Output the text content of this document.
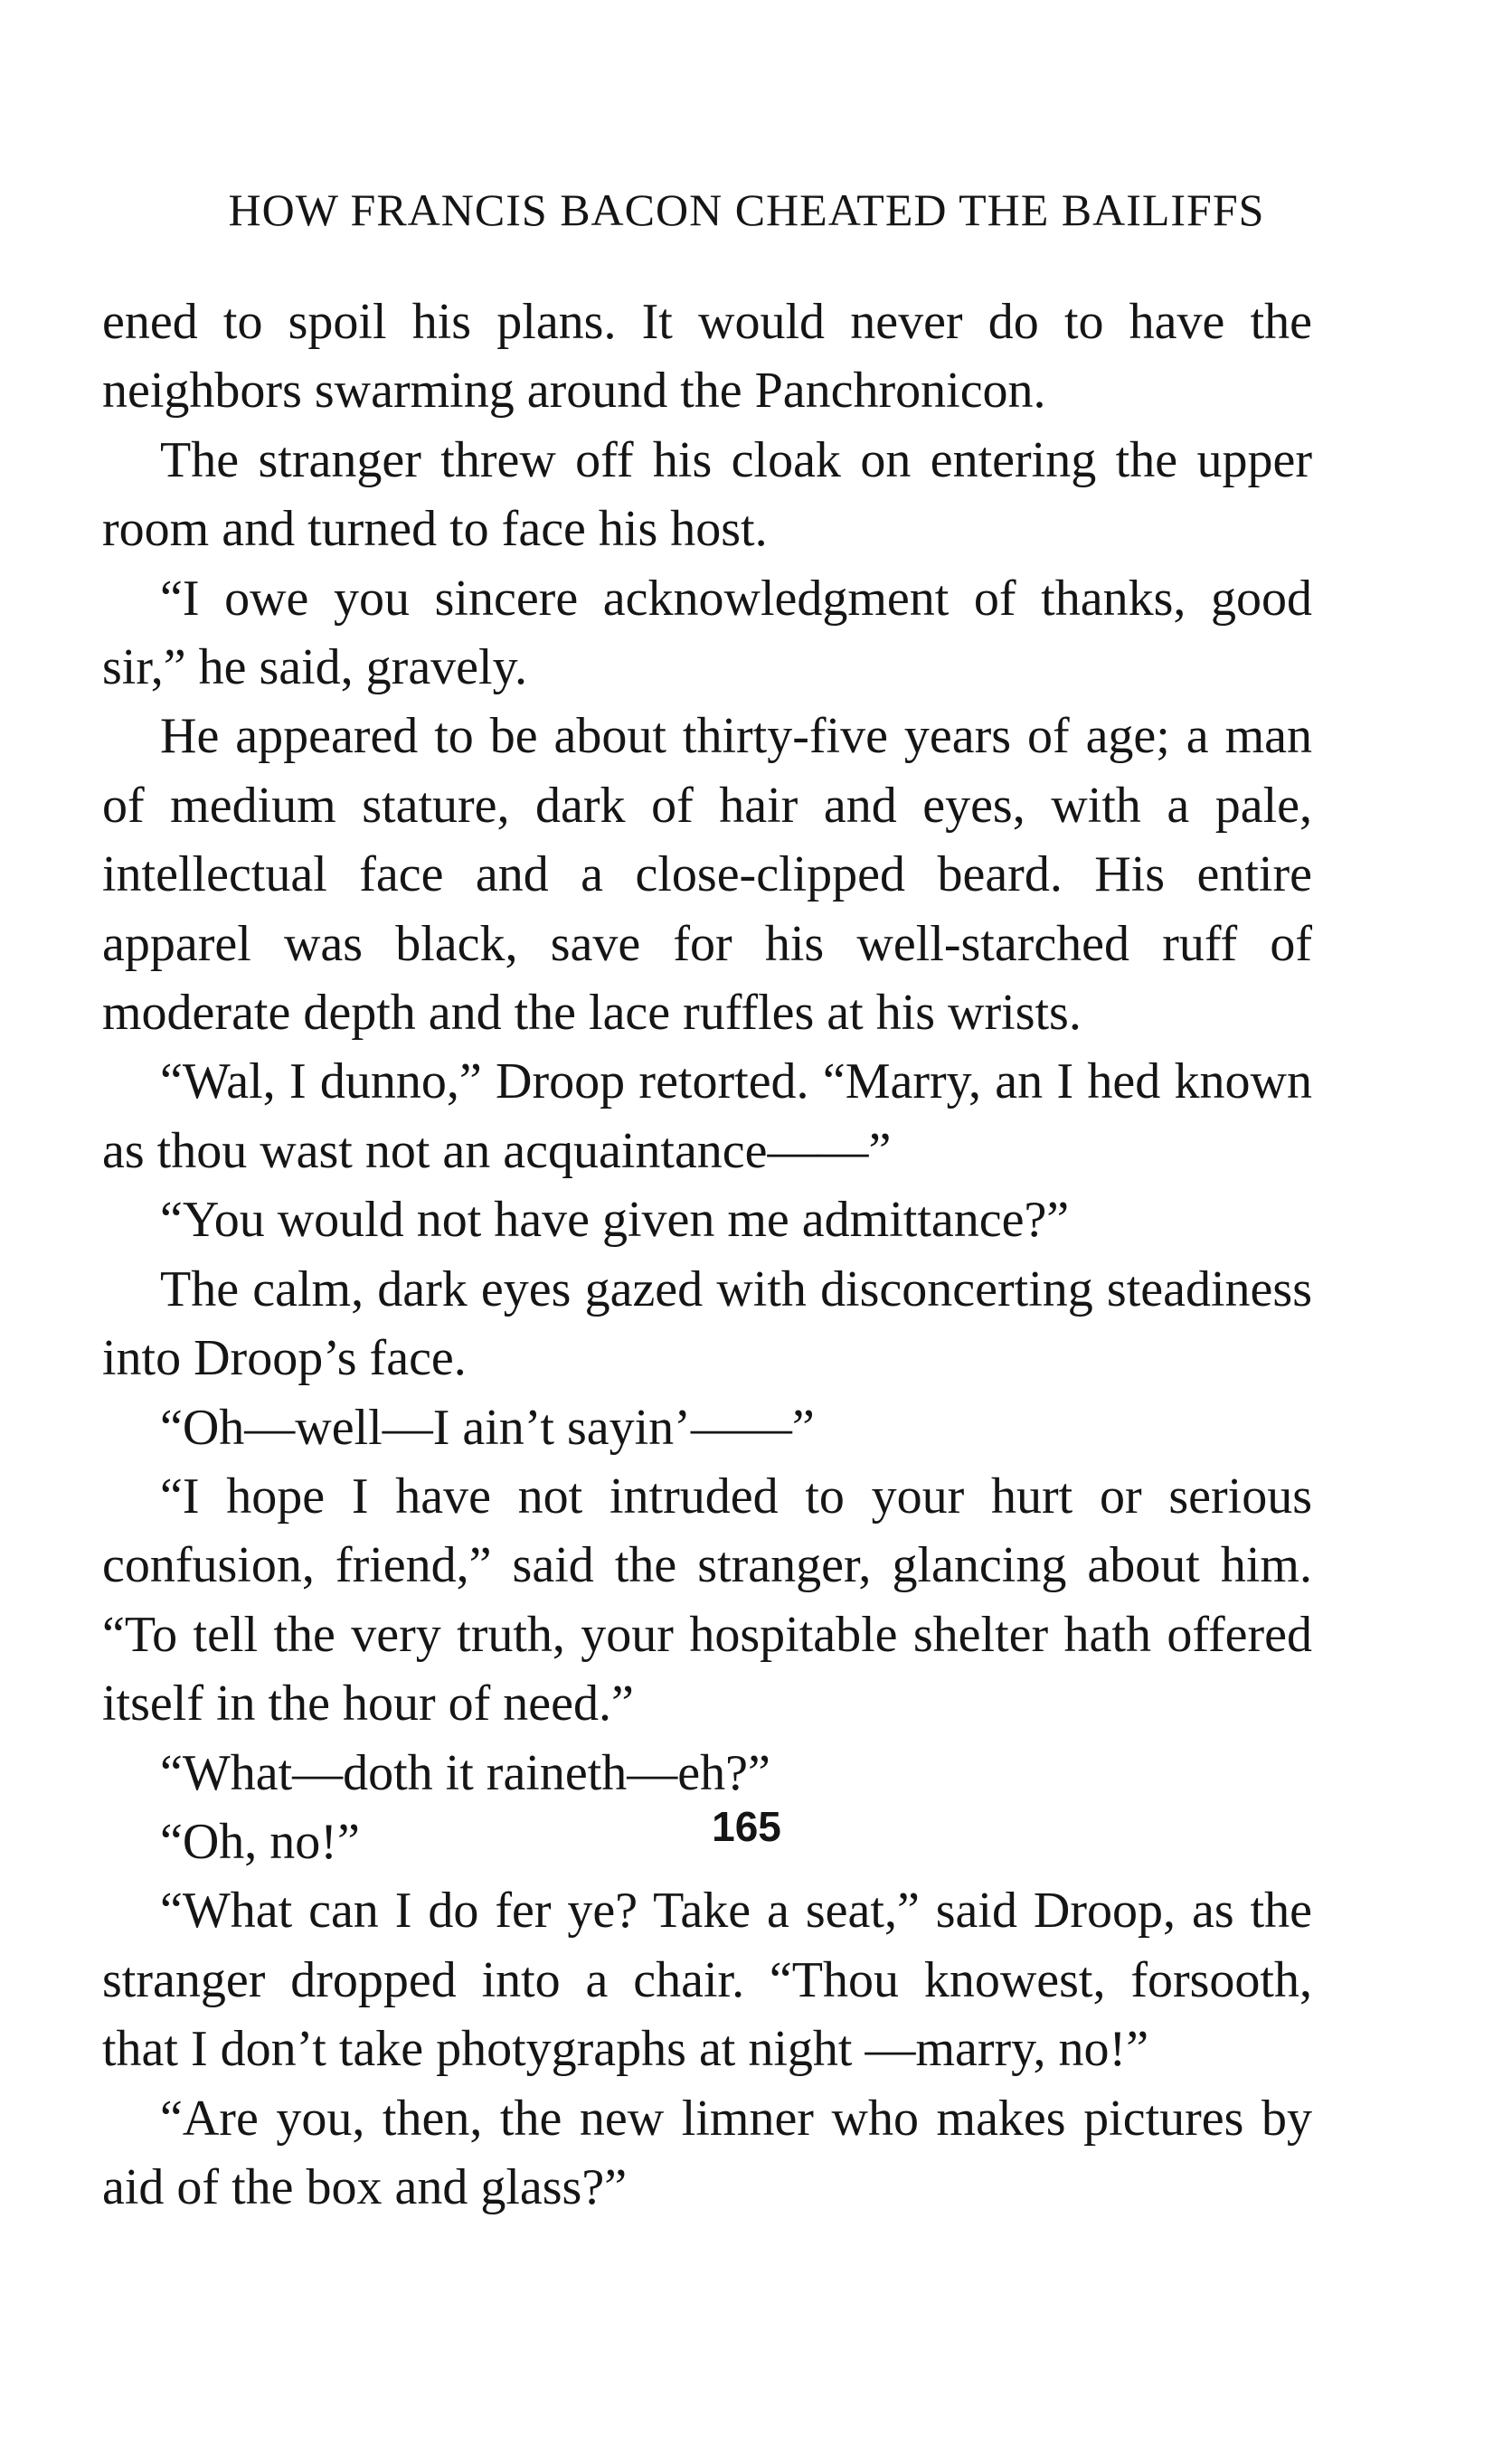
HOW FRANCIS BACON CHEATED THE BAILIFFS

ened to spoil his plans. It would never do to have the neighbors swarming around the Panchronicon.

The stranger threw off his cloak on entering the upper room and turned to face his host.

“I owe you sincere acknowledgment of thanks, good sir,” he said, gravely.

He appeared to be about thirty-five years of age; a man of medium stature, dark of hair and eyes, with a pale, intellectual face and a close-clipped beard. His entire apparel was black, save for his well-starched ruff of moderate depth and the lace ruffles at his wrists.

“Wal, I dunno,” Droop retorted. “Marry, an I hed known as thou wast not an acquaintance——”

“You would not have given me admittance?”

The calm, dark eyes gazed with disconcerting steadiness into Droop’s face.

“Oh—well—I ain’t sayin’——”

“I hope I have not intruded to your hurt or serious confusion, friend,” said the stranger, glancing about him. “To tell the very truth, your hospitable shelter hath offered itself in the hour of need.”

“What—doth it raineth—eh?”

“Oh, no!”

“What can I do fer ye? Take a seat,” said Droop, as the stranger dropped into a chair. “Thou knowest, forsooth, that I don’t take photygraphs at night —marry, no!”

“Are you, then, the new limner who makes pictures by aid of the box and glass?”

165
